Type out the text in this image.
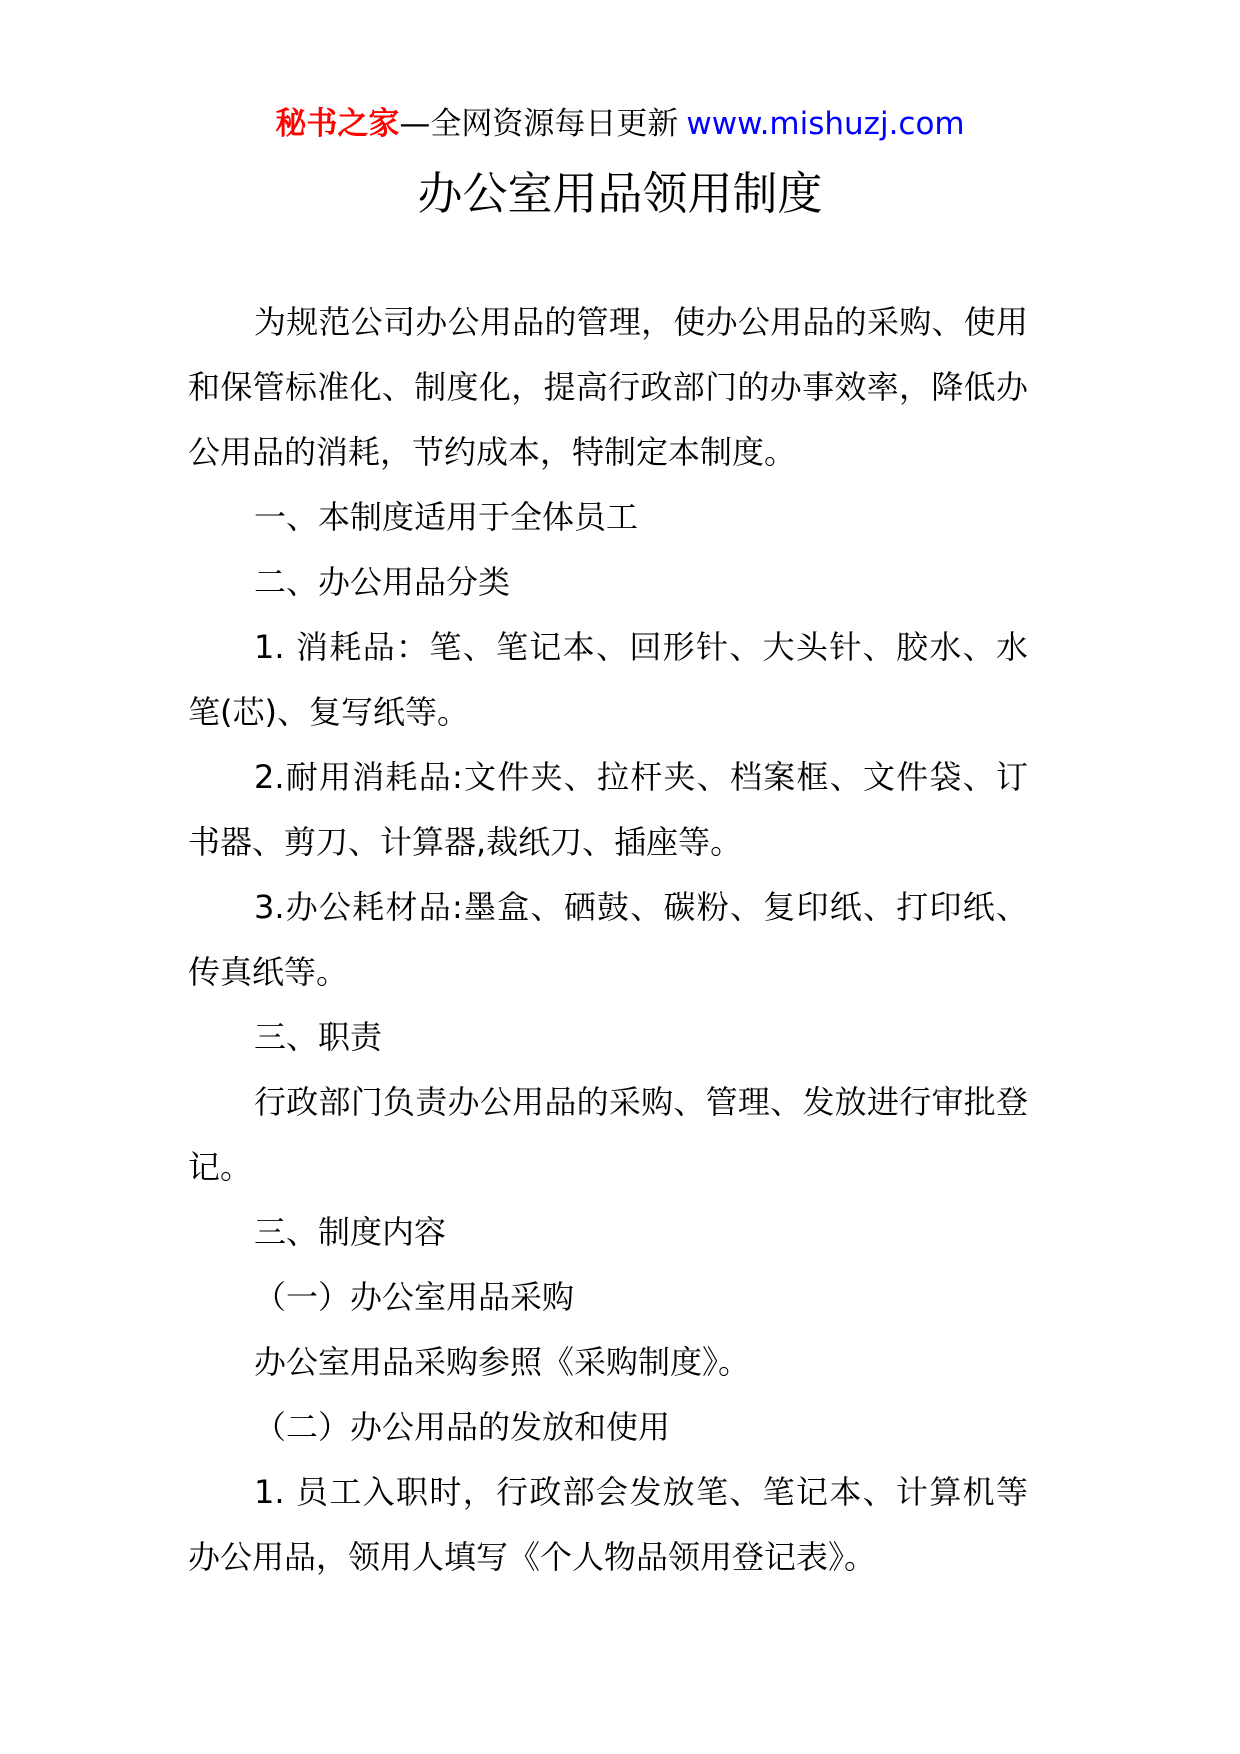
秘书之家—全网资源每日更新 www.mishuzj.com
办公室用品领用制度

为规范公司办公用品的管理，使办公用品的采购、使用和保管标准化、制度化，提高行政部门的办事效率，降低办公用品的消耗，节约成本，特制定本制度。

一、本制度适用于全体员工

二、办公用品分类

1. 消耗品：笔、笔记本、回形针、大头针、胶水、水笔(芯)、复写纸等。

2.耐用消耗品:文件夹、拉杆夹、档案框、文件袋、订书器、剪刀、计算器,裁纸刀、插座等。

3.办公耗材品:墨盒、硒鼓、碳粉、复印纸、打印纸、传真纸等。

三、职责

行政部门负责办公用品的采购、管理、发放进行审批登记。

三、制度内容

（一）办公室用品采购

办公室用品采购参照《采购制度》。

（二）办公用品的发放和使用

1. 员工入职时，行政部会发放笔、笔记本、计算机等办公用品，领用人填写《个人物品领用登记表》。
